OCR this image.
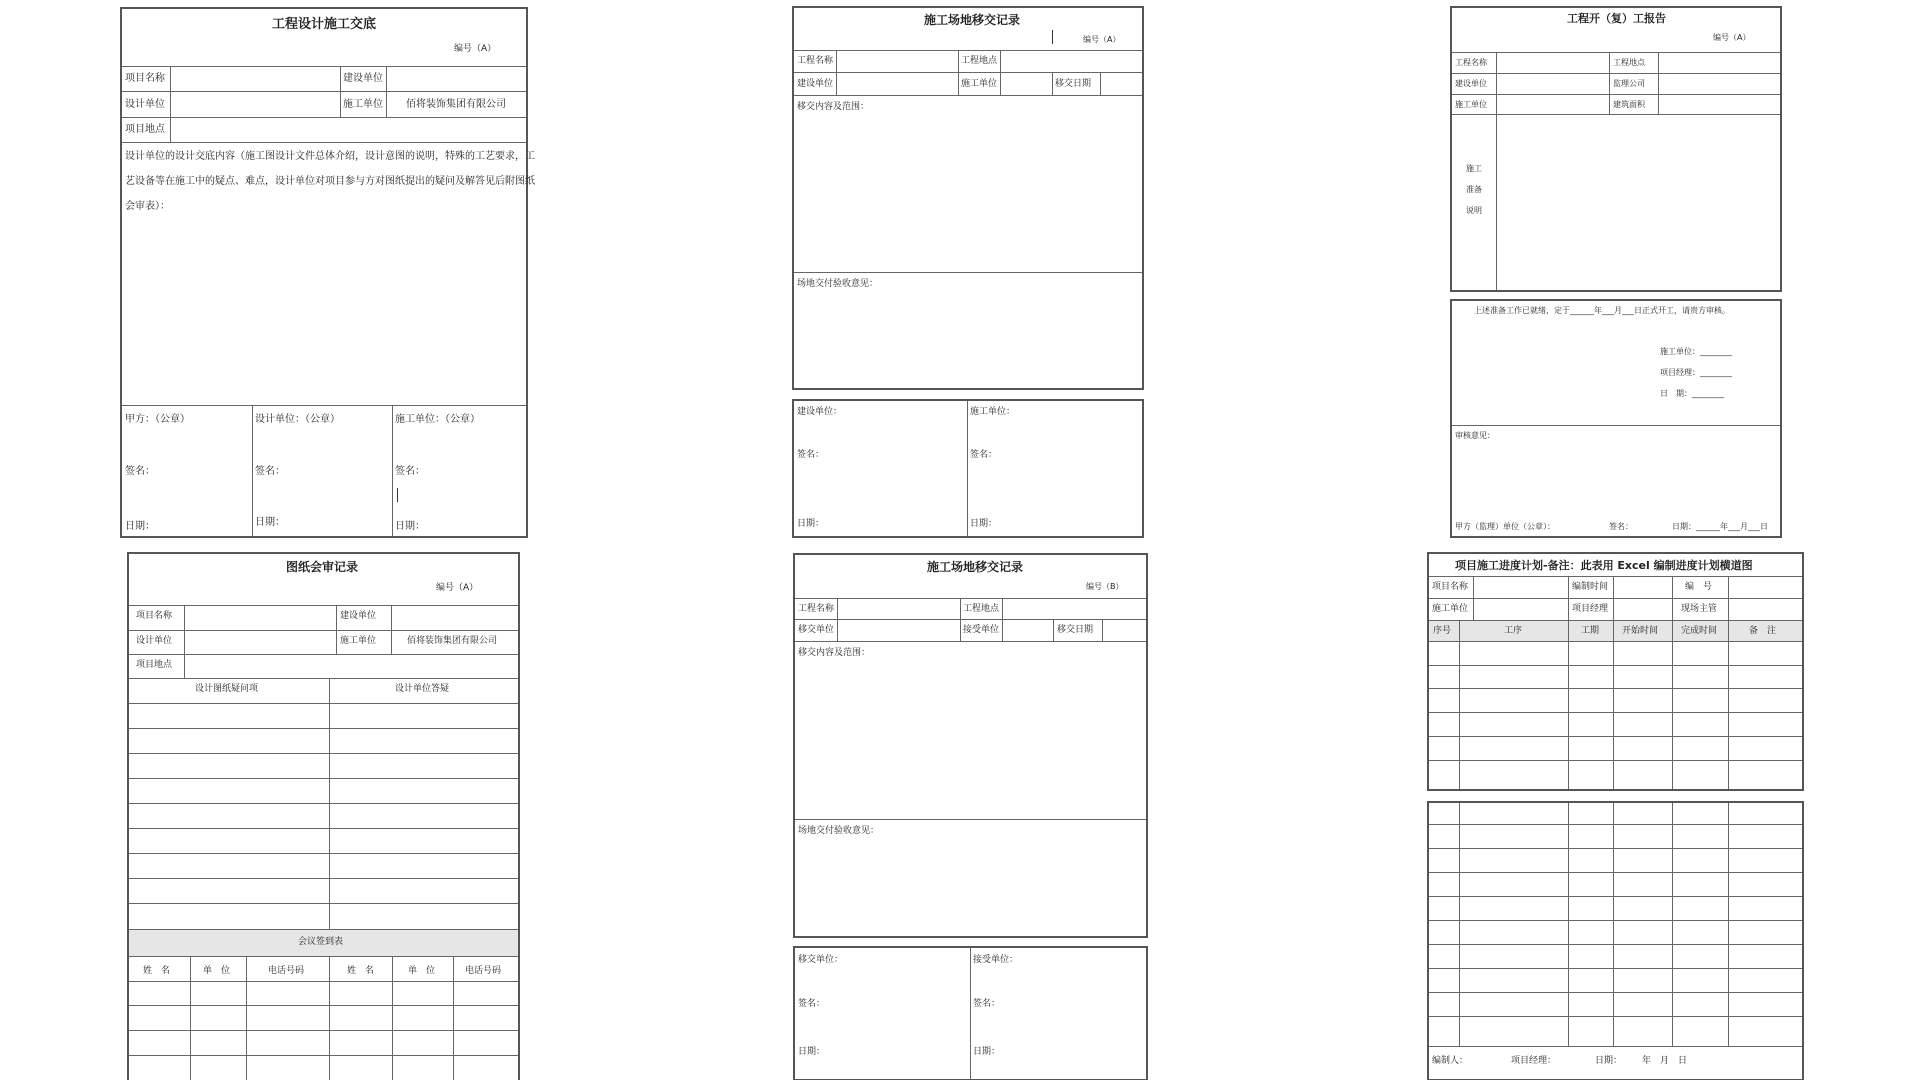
工程设计施工交底
编号（A）
项目名称	建设单位
设计单位	施工单位 佰将装饰集团有限公司
项目地点
设计单位的设计交底内容（施工图设计文件总体介绍，设计意图的说明，特殊的工艺要求，工
艺设备等在施工中的疑点、难点，设计单位对项目参与方对图纸提出的疑问及解答见后附图纸
会审表）：
甲方：（公章）	设计单位：（公章）	施工单位：（公章）
签名：	签名：	签名：
日期：	日期：	日期：
施工场地移交记录
编号（A）
工程名称	工程地点
建设单位	施工单位	移交日期
移交内容及范围：
场地交付验收意见：
建设单位：	施工单位：
签名：	签名：
日期：	日期：
工程开（复）工报告
编号（A）
工程名称	工程地点
建设单位	监理公司
施工单位	建筑面积
施工
准备
说明
上述准备工作已就绪，定于______年___月___日正式开工，请贵方审核。
施工单位：________
项目经理：________
日　期：________
审核意见：
甲方（监理）单位（公章）：	签名：	日期：______年___月___日
图纸会审记录
编号（A）
项目名称	建设单位
设计单位	施工单位	佰将装饰集团有限公司
项目地点
设计图纸疑问项	设计单位答疑
会议签到表
姓　名	单　位	电话号码	姓　名	单　位	电话号码
施工场地移交记录
编号（B）
工程名称	工程地点
移交单位	接受单位	移交日期
移交内容及范围：
场地交付验收意见：
移交单位：	接受单位：
签名：	签名：
日期：	日期：
项目施工进度计划-备注：此表用 Excel 编制进度计划横道图
项目名称	编制时间	编　号
施工单位	项目经理	现场主管
序号	工序	工期	开始时间	完成时间	备　注
编制人：	项目经理：	日期： 年 月 日
